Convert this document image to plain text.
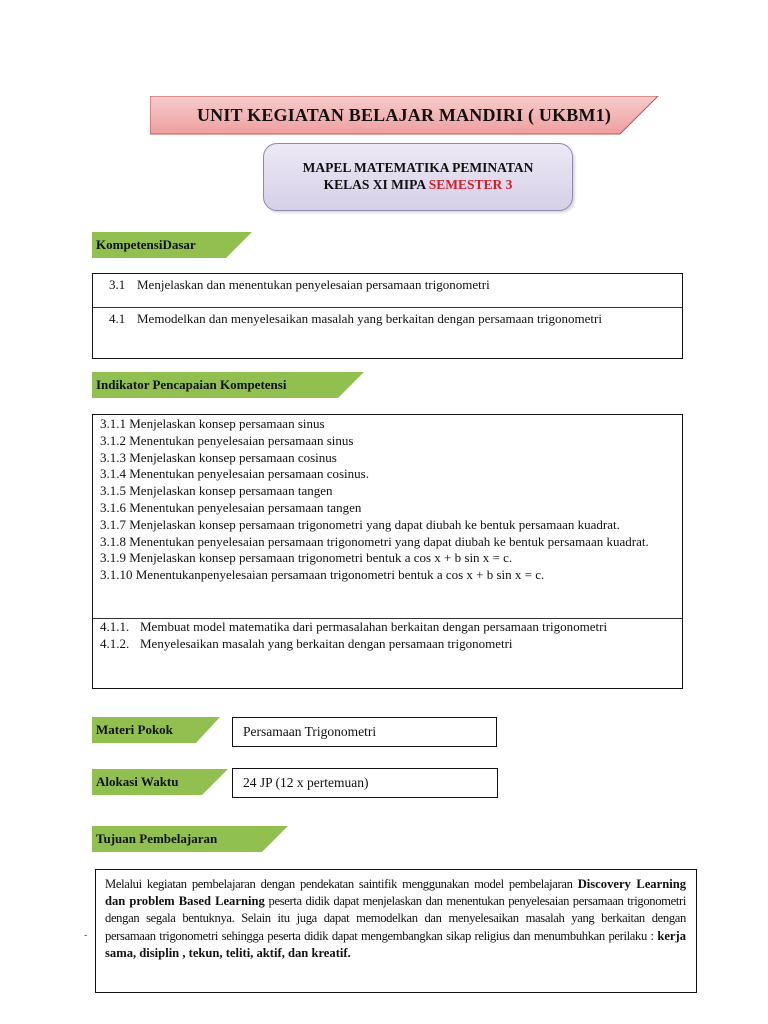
UNIT KEGIATAN BELAJAR MANDIRI ( UKBM1)
MAPEL MATEMATIKA PEMINATAN
KELAS XI MIPA SEMESTER 3
KompetensiDasar
3.1 Menjelaskan dan menentukan penyelesaian persamaan trigonometri
4.1 Memodelkan dan menyelesaikan masalah yang berkaitan dengan persamaan trigonometri
Indikator Pencapaian Kompetensi
3.1.1 Menjelaskan konsep persamaan sinus
3.1.2 Menentukan penyelesaian persamaan sinus
3.1.3 Menjelaskan konsep persamaan cosinus
3.1.4 Menentukan penyelesaian persamaan cosinus.
3.1.5 Menjelaskan konsep persamaan tangen
3.1.6 Menentukan penyelesaian persamaan tangen
3.1.7 Menjelaskan konsep persamaan trigonometri yang dapat diubah ke bentuk persamaan kuadrat.
3.1.8 Menentukan penyelesaian persamaan trigonometri yang dapat diubah ke bentuk persamaan kuadrat.
3.1.9 Menjelaskan konsep persamaan trigonometri bentuk a cos x + b sin x = c.
3.1.10 Menentukanpenyelesaian persamaan trigonometri bentuk a cos x + b sin x = c.
4.1.1. Membuat model matematika dari permasalahan berkaitan dengan persamaan trigonometri
4.1.2. Menyelesaikan masalah yang berkaitan dengan persamaan trigonometri
Materi Pokok	Persamaan Trigonometri
Alokasi Waktu	24 JP (12 x pertemuan)
Tujuan Pembelajaran
Melalui kegiatan pembelajaran dengan pendekatan saintifik menggunakan model pembelajaran Discovery Learning dan problem Based Learning peserta didik dapat menjelaskan dan menentukan penyelesaian persamaan trigonometri dengan segala bentuknya. Selain itu juga dapat memodelkan dan menyelesaikan masalah yang berkaitan dengan persamaan trigonometri sehingga peserta didik dapat mengembangkan sikap religius dan menumbuhkan perilaku : kerja sama, disiplin , tekun, teliti, aktif, dan kreatif.
-
